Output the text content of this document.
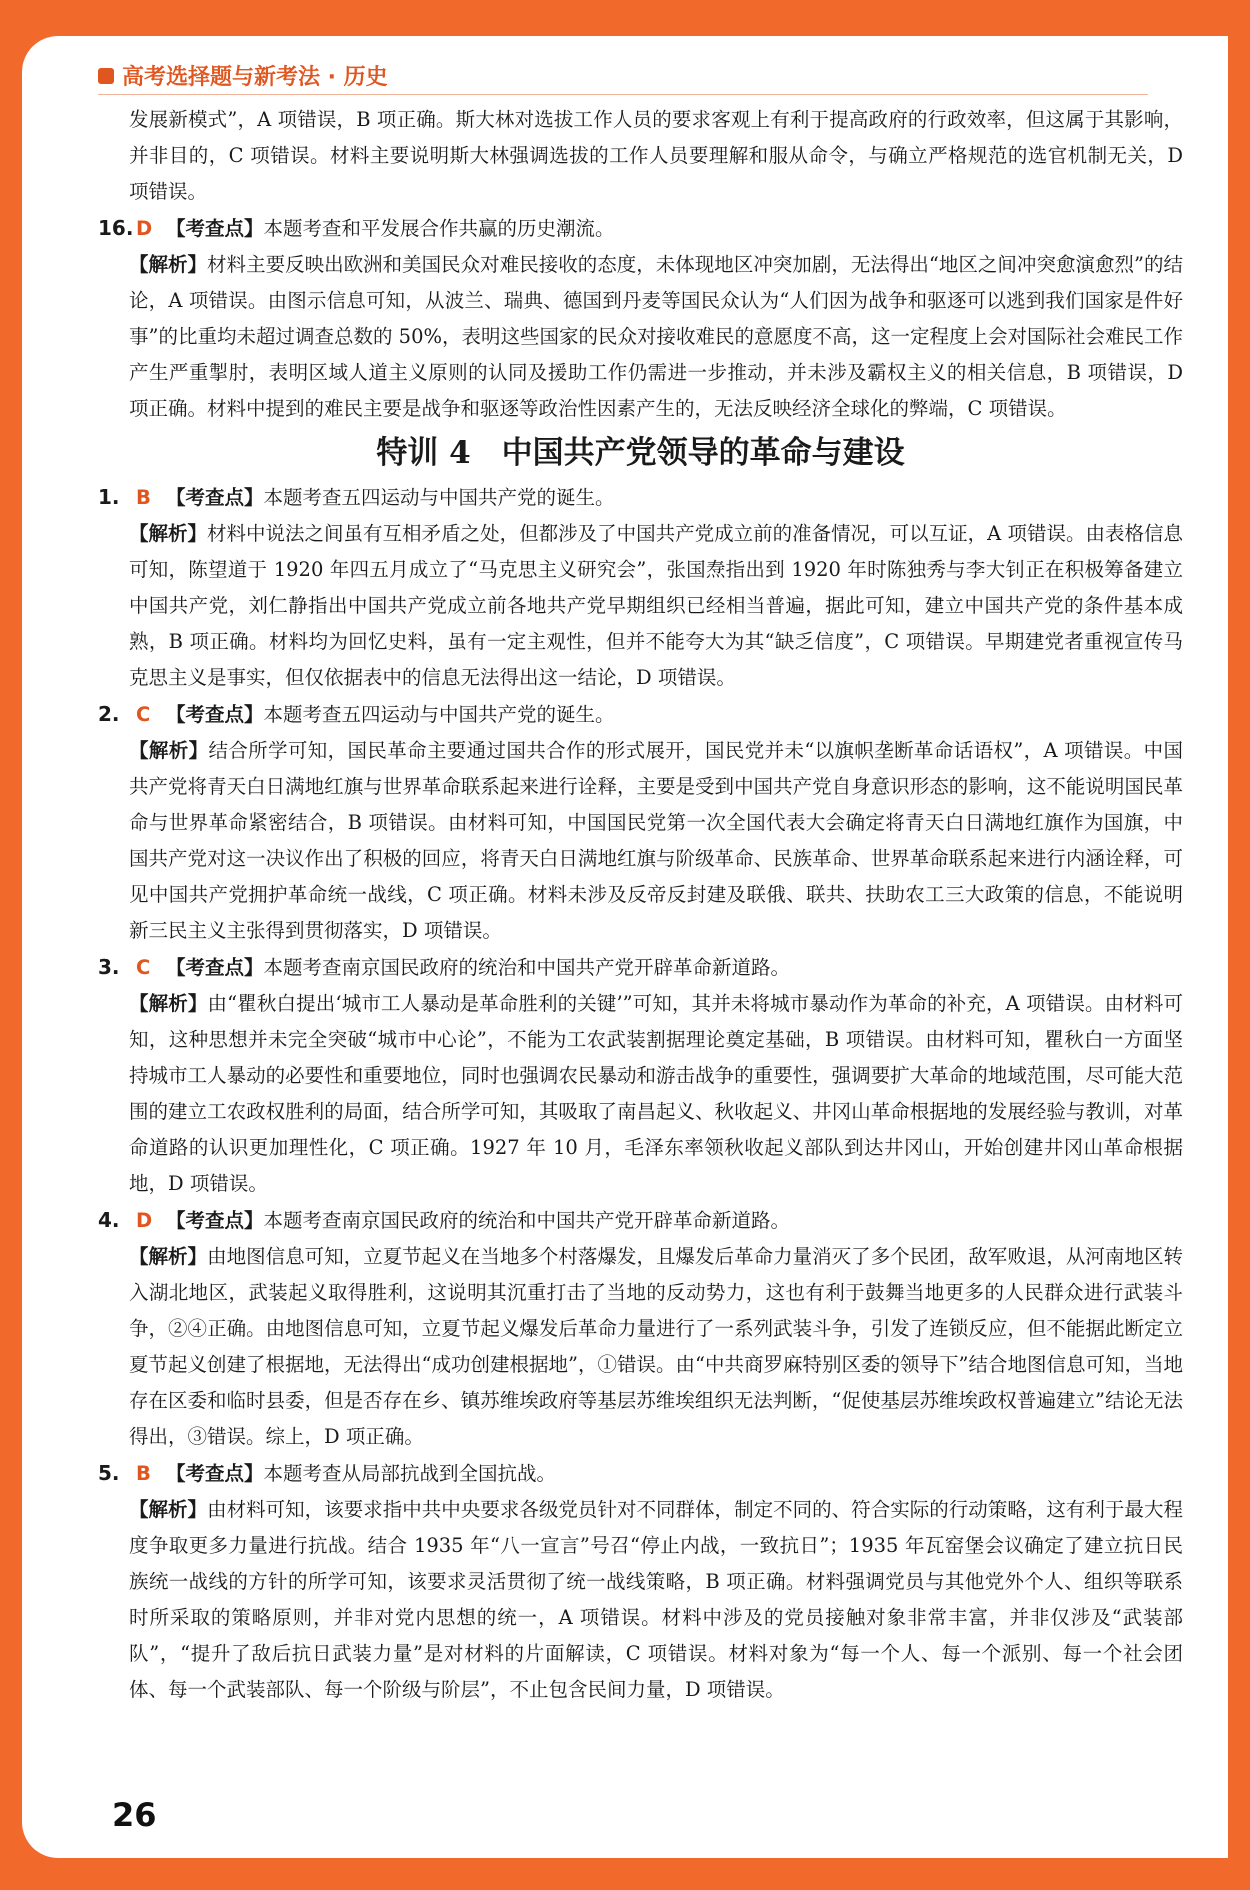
高考选择题与新考法 · 历史

发展新模式”，A 项错误，B 项正确。斯大林对选拔工作人员的要求客观上有利于提高政府的行政效率，但这属于其影响，并非目的，C 项错误。材料主要说明斯大林强调选拔的工作人员要理解和服从命令，与确立严格规范的选官机制无关，D 项错误。

16. D 【考查点】本题考查和平发展合作共赢的历史潮流。

【解析】材料主要反映出欧洲和美国民众对难民接收的态度，未体现地区冲突加剧，无法得出“地区之间冲突愈演愈烈”的结论，A 项错误。由图示信息可知，从波兰、瑞典、德国到丹麦等国民众认为“人们因为战争和驱逐可以逃到我们国家是件好事”的比重均未超过调查总数的 50%，表明这些国家的民众对接收难民的意愿度不高，这一定程度上会对国际社会难民工作产生严重掣肘，表明区域人道主义原则的认同及援助工作仍需进一步推动，并未涉及霸权主义的相关信息，B 项错误，D 项正确。材料中提到的难民主要是战争和驱逐等政治性因素产生的，无法反映经济全球化的弊端，C 项错误。

特训 4　中国共产党领导的革命与建设
1. B 【考查点】本题考查五四运动与中国共产党的诞生。

【解析】材料中说法之间虽有互相矛盾之处，但都涉及了中国共产党成立前的准备情况，可以互证，A 项错误。由表格信息可知，陈望道于 1920 年四五月成立了“马克思主义研究会”，张国焘指出到 1920 年时陈独秀与李大钊正在积极筹备建立中国共产党，刘仁静指出中国共产党成立前各地共产党早期组织已经相当普遍，据此可知，建立中国共产党的条件基本成熟，B 项正确。材料均为回忆史料，虽有一定主观性，但并不能夸大为其“缺乏信度”，C 项错误。早期建党者重视宣传马克思主义是事实，但仅依据表中的信息无法得出这一结论，D 项错误。

2. C 【考查点】本题考查五四运动与中国共产党的诞生。

【解析】结合所学可知，国民革命主要通过国共合作的形式展开，国民党并未“以旗帜垄断革命话语权”，A 项错误。中国共产党将青天白日满地红旗与世界革命联系起来进行诠释，主要是受到中国共产党自身意识形态的影响，这不能说明国民革命与世界革命紧密结合，B 项错误。由材料可知，中国国民党第一次全国代表大会确定将青天白日满地红旗作为国旗，中国共产党对这一决议作出了积极的回应，将青天白日满地红旗与阶级革命、民族革命、世界革命联系起来进行内涵诠释，可见中国共产党拥护革命统一战线，C 项正确。材料未涉及反帝反封建及联俄、联共、扶助农工三大政策的信息，不能说明新三民主义主张得到贯彻落实，D 项错误。

3. C 【考查点】本题考查南京国民政府的统治和中国共产党开辟革命新道路。

【解析】由“瞿秋白提出‘城市工人暴动是革命胜利的关键’”可知，其并未将城市暴动作为革命的补充，A 项错误。由材料可知，这种思想并未完全突破“城市中心论”，不能为工农武装割据理论奠定基础，B 项错误。由材料可知，瞿秋白一方面坚持城市工人暴动的必要性和重要地位，同时也强调农民暴动和游击战争的重要性，强调要扩大革命的地域范围，尽可能大范围的建立工农政权胜利的局面，结合所学可知，其吸取了南昌起义、秋收起义、井冈山革命根据地的发展经验与教训，对革命道路的认识更加理性化，C 项正确。1927 年 10 月，毛泽东率领秋收起义部队到达井冈山，开始创建井冈山革命根据地，D 项错误。

4. D 【考查点】本题考查南京国民政府的统治和中国共产党开辟革命新道路。

【解析】由地图信息可知，立夏节起义在当地多个村落爆发，且爆发后革命力量消灭了多个民团，敌军败退，从河南地区转入湖北地区，武装起义取得胜利，这说明其沉重打击了当地的反动势力，这也有利于鼓舞当地更多的人民群众进行武装斗争，②④正确。由地图信息可知，立夏节起义爆发后革命力量进行了一系列武装斗争，引发了连锁反应，但不能据此断定立夏节起义创建了根据地，无法得出“成功创建根据地”，①错误。由“中共商罗麻特别区委的领导下”结合地图信息可知，当地存在区委和临时县委，但是否存在乡、镇苏维埃政府等基层苏维埃组织无法判断，“促使基层苏维埃政权普遍建立”结论无法得出，③错误。综上，D 项正确。

5. B 【考查点】本题考查从局部抗战到全国抗战。

【解析】由材料可知，该要求指中共中央要求各级党员针对不同群体，制定不同的、符合实际的行动策略，这有利于最大程度争取更多力量进行抗战。结合 1935 年“八一宣言”号召“停止内战，一致抗日”；1935 年瓦窑堡会议确定了建立抗日民族统一战线的方针的所学可知，该要求灵活贯彻了统一战线策略，B 项正确。材料强调党员与其他党外个人、组织等联系时所采取的策略原则，并非对党内思想的统一，A 项错误。材料中涉及的党员接触对象非常丰富，并非仅涉及“武装部队”，“提升了敌后抗日武装力量”是对材料的片面解读，C 项错误。材料对象为“每一个人、每一个派别、每一个社会团体、每一个武装部队、每一个阶级与阶层”，不止包含民间力量，D 项错误。

26
